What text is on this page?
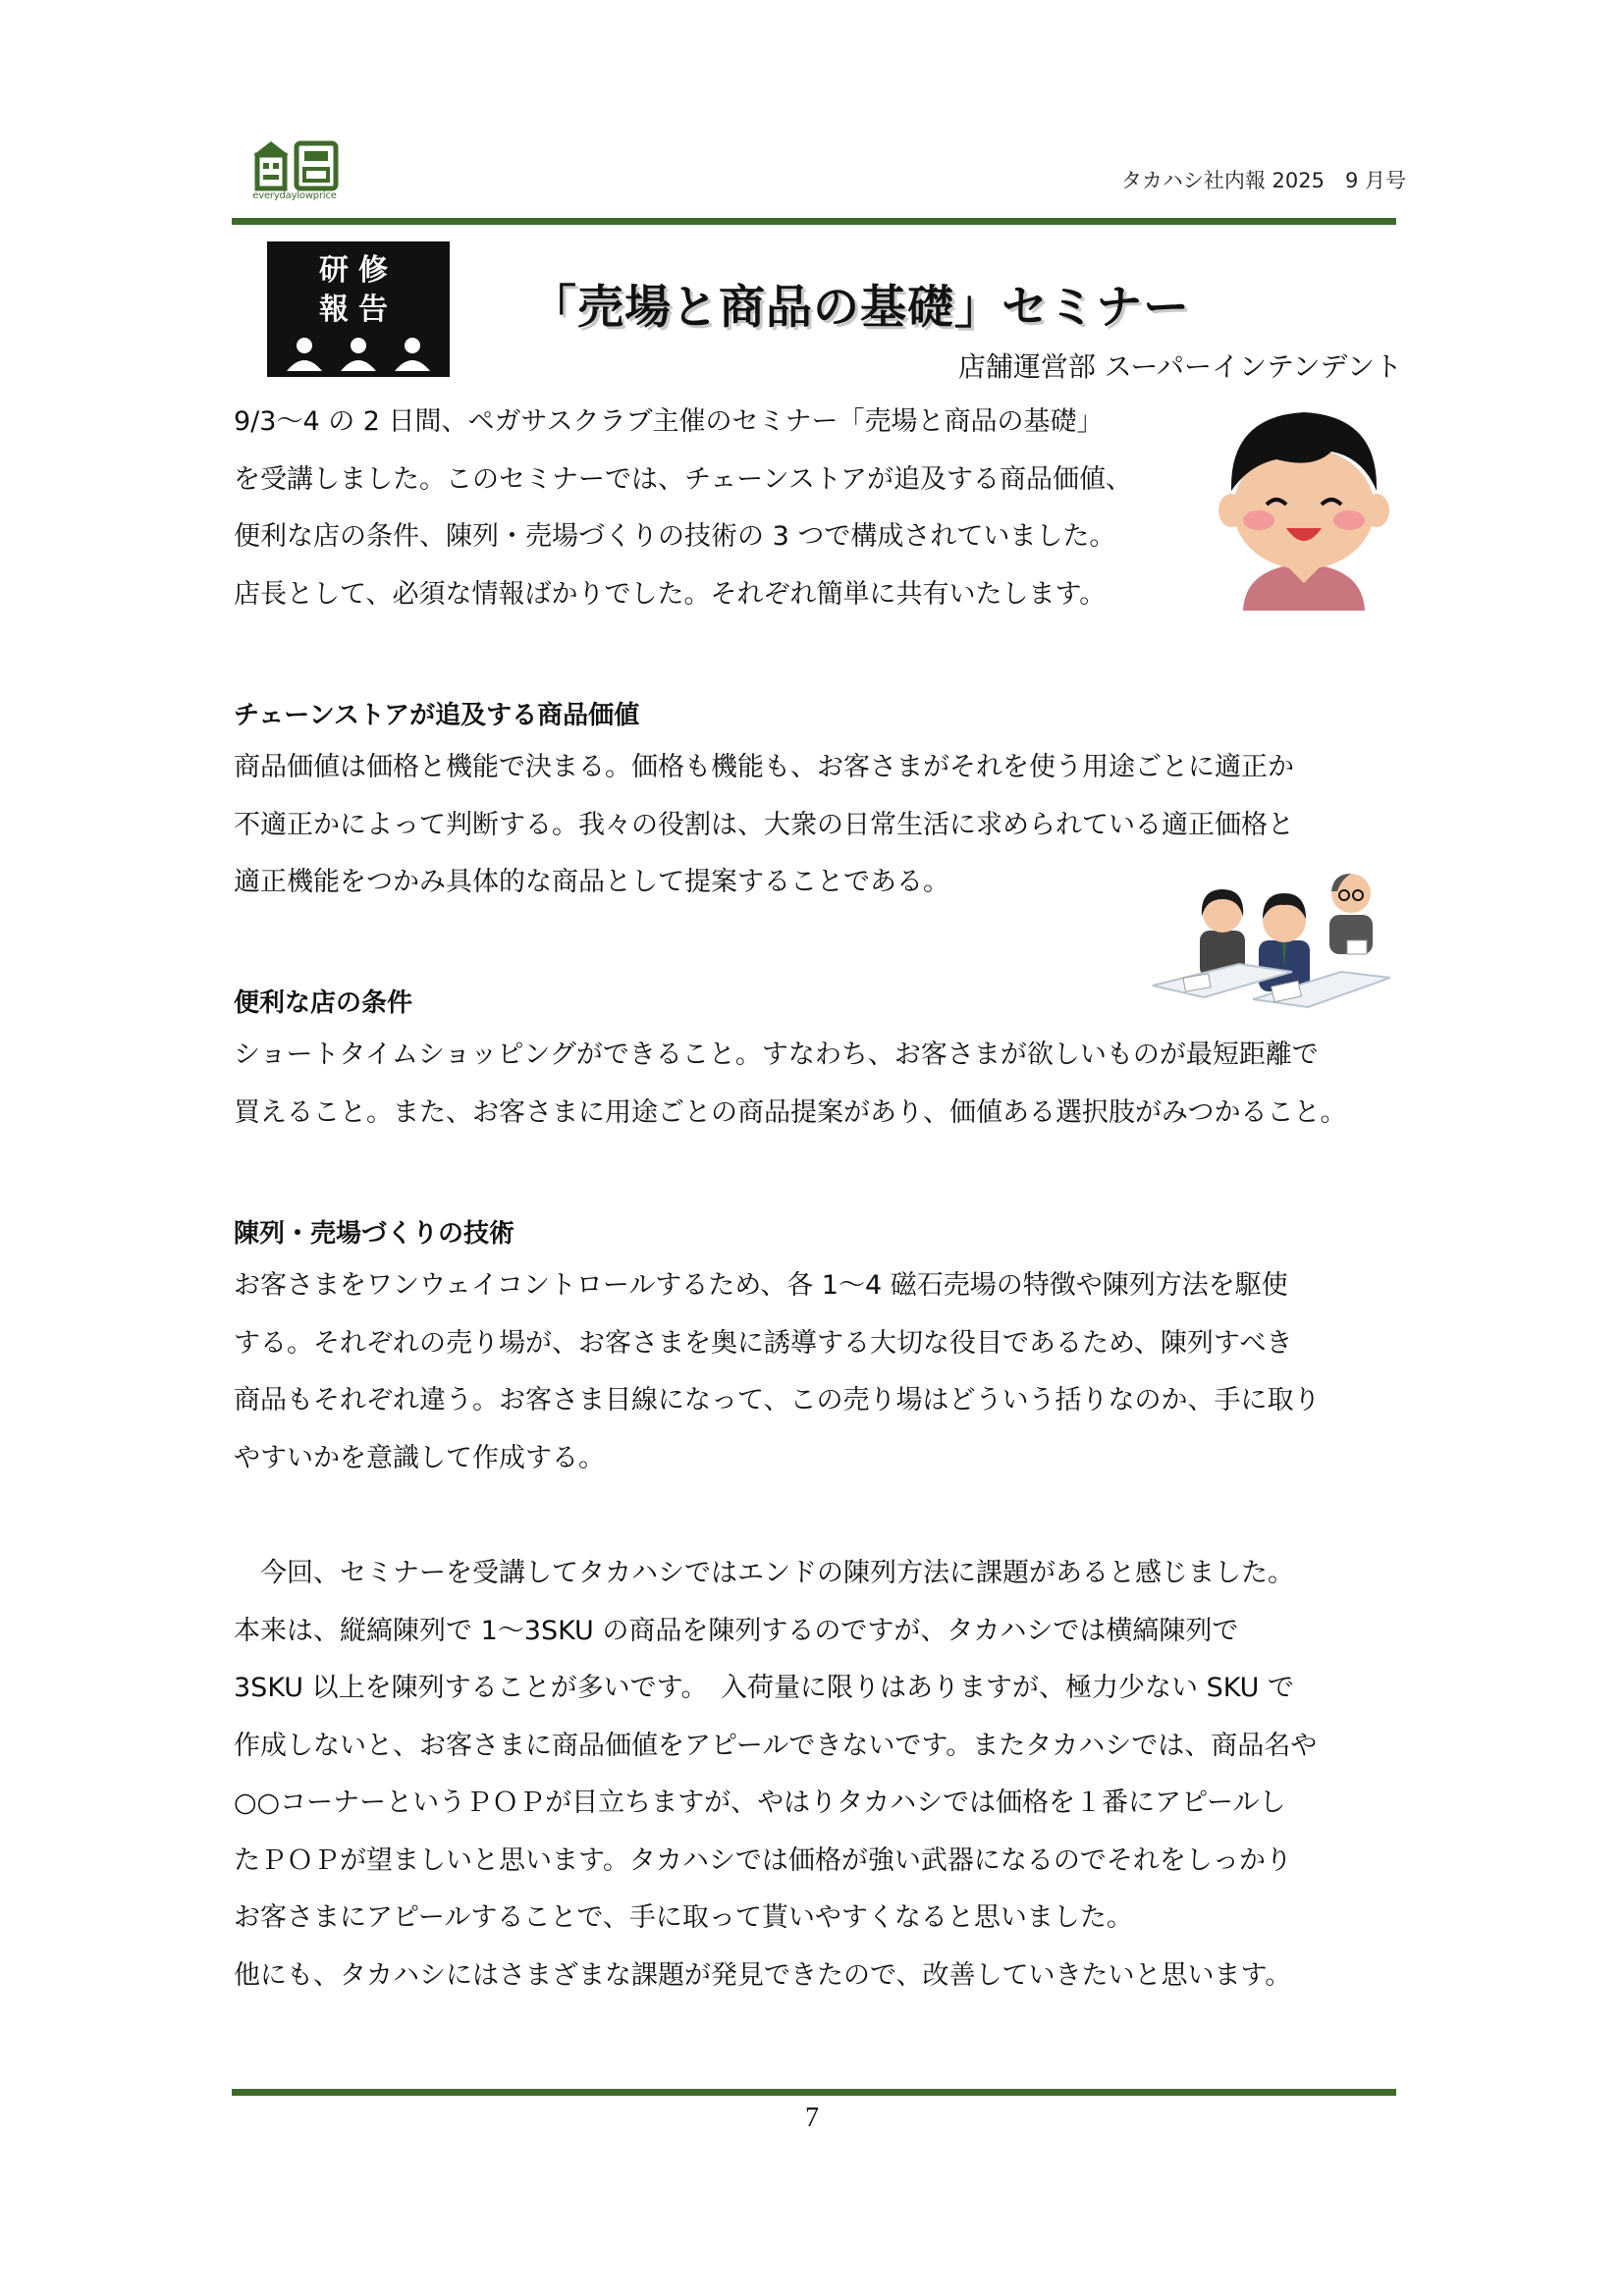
everydaylowprice
タカハシ社内報 2025　9 月号
研修
報告	「売場と商品の基礎」セミナー
店舗運営部 スーパーインテンデント
9/3～4 の 2 日間、ペガサスクラブ主催のセミナー「売場と商品の基礎」
を受講しました。このセミナーでは、チェーンストアが追及する商品価値、
便利な店の条件、陳列・売場づくりの技術の 3 つで構成されていました。
店長として、必須な情報ばかりでした。それぞれ簡単に共有いたします。
チェーンストアが追及する商品価値
商品価値は価格と機能で決まる。価格も機能も、お客さまがそれを使う用途ごとに適正か
不適正かによって判断する。我々の役割は、大衆の日常生活に求められている適正価格と
適正機能をつかみ具体的な商品として提案することである。
便利な店の条件
ショートタイムショッピングができること。すなわち、お客さまが欲しいものが最短距離で
買えること。また、お客さまに用途ごとの商品提案があり、価値ある選択肢がみつかること。
陳列・売場づくりの技術
お客さまをワンウェイコントロールするため、各 1～4 磁石売場の特徴や陳列方法を駆使
する。それぞれの売り場が、お客さまを奥に誘導する大切な役目であるため、陳列すべき
商品もそれぞれ違う。お客さま目線になって、この売り場はどういう括りなのか、手に取り
やすいかを意識して作成する。
　今回、セミナーを受講してタカハシではエンドの陳列方法に課題があると感じました。
本来は、縦縞陳列で 1～3SKU の商品を陳列するのですが、タカハシでは横縞陳列で
3SKU 以上を陳列することが多いです。　入荷量に限りはありますが、極力少ない SKU で
作成しないと、お客さまに商品価値をアピールできないです。またタカハシでは、商品名や
○○コーナーというＰＯＰが目立ちますが、やはりタカハシでは価格を１番にアピールし
たＰＯＰが望ましいと思います。タカハシでは価格が強い武器になるのでそれをしっかり
お客さまにアピールすることで、手に取って貰いやすくなると思いました。
他にも、タカハシにはさまざまな課題が発見できたので、改善していきたいと思います。
7
